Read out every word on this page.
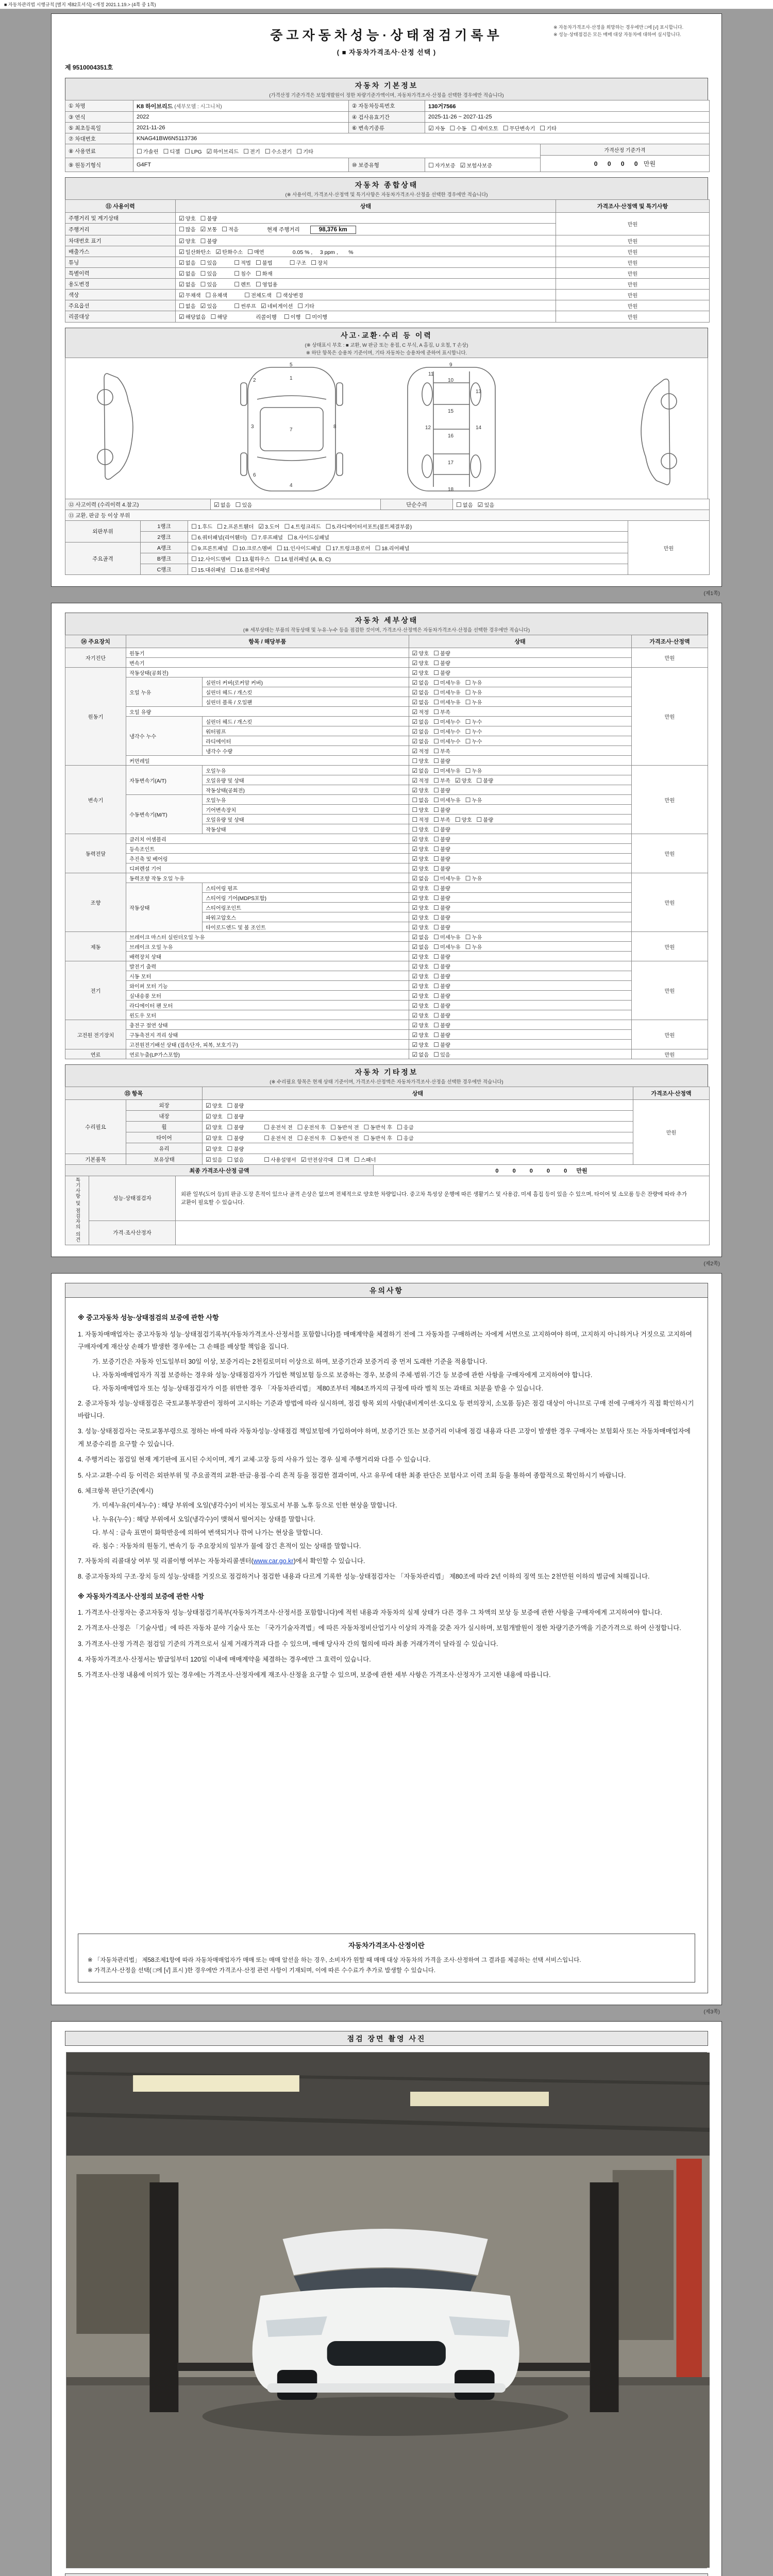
■ 자동차관리법 시행규칙 [별지 제82호서식] <개정 2021.1.19.> (4쪽 중 1쪽)
※ 자동차가격조사·산정을 희망하는 경우에만 □에 [√] 표시합니다.
※ 성능·상태점검은 모든 매매 대상 자동차에 대하여 실시합니다.
중고자동차성능·상태점검기록부
( ■ 자동차가격조사·산정 선택 )
제 9510004351호
자동차 기본정보
(가격산정 기준가격은 보험개발원이 정한 차량기준가액이며, 자동차가격조사·산정을 선택한 경우에만 적습니다)
① 차명	K8 하이브리드 (세부모델 : 시그니처)	② 자동차등록번호	130거7566	
③ 연식	2022	④ 검사유효기간	2025-11-26 ~ 2027-11-25	
⑤ 최초등록일	2021-11-26	⑥ 변속기종류	☑ 자동 ☐ 수동 ☐ 세미오토 ☐ 무단변속기 ☐ 기타	
⑦ 차대번호	KNAG41BW6N5113736			
⑧ 사용연료	☐ 가솔린 ☐ 디젤 ☐ LPG ☑ 하이브리드 ☐ 전기 ☐ 수소전기 ☐ 기타			가격산정 기준가격
0 0 0 0 만원

⑨ 원동기형식	G4FT	⑩ 보증유형	☐ 자가보증 ☑ 보험사보증	
자동차 종합상태
(※ 사용이력, 가격조사·산정액 및 특기사항은 자동차가격조사·산정을 선택한 경우에만 적습니다)
⑪ 사용이력	상태	가격조사·산정액 및 특기사항
주행거리 및 계기상태	☑ 양호 ☐ 불량	만원
주행거리	☐ 많음 ☑ 보통 ☐ 적음 현재 주행거리 98,376 km	
차대번호 표기	☑ 양호 ☐ 불량	만원
배출가스	☑ 일산화탄소 ☑ 탄화수소 ☐ 매연 0.05 % ,     3 ppm ,       %	만원
튜닝	☑ 없음 ☐ 있음 ☐ 적법 ☐ 불법 ☐ 구조 ☐ 장치	만원
특별이력	☑ 없음 ☐ 있음 ☐ 침수 ☐ 화재	만원
용도변경	☑ 없음 ☐ 있음 ☐ 렌트 ☐ 영업용	만원
색상	☑ 무채색 ☐ 유채색 ☐ 전체도색 ☐ 색상변경	만원
주요옵션	☐ 없음 ☑ 있음 ☐ 썬루프 ☑ 네비게이션 ☐ 기타	만원
리콜대상	☑ 해당없음 ☐ 해당 리콜이행 ☐ 이행 ☐ 미이행	만원
사고·교환·수리 등 이력
(※ 상태표시 부호 : ■ 교환, W 판금 또는 용접, C 부식, A 흠집, U 요철, T 손상)
※ 하단 항목은 승용차 기준이며, 기타 자동차는 승용차에 준하여 표시합니다.
1
7
4
2
3
6
8
5	9
10
11
12
13
14
15
16
17
18
⑫ 사고이력 (수리이력 4.참고)	☑ 없음 ☐ 있음	단순수리	☐ 없음 ☑ 있음
⑬ 교환, 판금 등 이상 부위			
외판부위	1랭크	☐ 1.후드 ☐ 2.프론트휀더 ☑ 3.도어 ☐ 4.트렁크리드 ☐ 5.라디에이터서포트(볼트체결부품)	만원
	2랭크	☐ 6.쿼터패널(리어휀더) ☐ 7.루프패널 ☐ 8.사이드실패널	
주요골격	A랭크	☐ 9.프론트패널 ☐ 10.크로스멤버 ☐ 11.인사이드패널 ☐ 17.트렁크플로어 ☐ 18.리어패널	
	B랭크	☐ 12.사이드멤버 ☐ 13.휠하우스 ☐ 14.필러패널 (A, B, C)	
	C랭크	☐ 15.대쉬패널 ☐ 16.플로어패널	
(제1쪽)
자동차 세부상태
(※ 세부상태는 부품의 작동상태 및 누유·누수 등을 점검한 것이며, 가격조사·산정액은 자동차가격조사·산정을 선택한 경우에만 적습니다)
⑭ 주요장치	항목 / 해당부품		상태	가격조사·산정액
자기진단	원동기		☑ 양호 ☐ 불량	만원
	변속기		☑ 양호 ☐ 불량	
원동기	작동상태(공회전)		☑ 양호 ☐ 불량	만원
	오일 누유	실린더 커버(로커암 커버)	☑ 없음 ☐ 미세누유 ☐ 누유	
		실린더 헤드 / 개스킷	☑ 없음 ☐ 미세누유 ☐ 누유	
		실린더 블록 / 오일팬	☑ 없음 ☐ 미세누유 ☐ 누유	
	오일 유량		☑ 적정 ☐ 부족	
	냉각수 누수	실린더 헤드 / 개스킷	☑ 없음 ☐ 미세누수 ☐ 누수	
		워터펌프	☑ 없음 ☐ 미세누수 ☐ 누수	
		라디에이터	☑ 없음 ☐ 미세누수 ☐ 누수	
		냉각수 수량	☑ 적정 ☐ 부족	
	커먼레일		☐ 양호 ☐ 불량	
변속기	자동변속기(A/T)	오일누유	☑ 없음 ☐ 미세누유 ☐ 누유	만원
		오일유량 및 상태	☑ 적정 ☐ 부족 ☑ 양호 ☐ 불량	
		작동상태(공회전)	☑ 양호 ☐ 불량	
	수동변속기(M/T)	오일누유	☐ 없음 ☐ 미세누유 ☐ 누유	
		기어변속장치	☐ 양호 ☐ 불량	
		오일유량 및 상태	☐ 적정 ☐ 부족 ☐ 양호 ☐ 불량	
		작동상태	☐ 양호 ☐ 불량	
동력전달	클러치 어셈블리		☑ 양호 ☐ 불량	만원
	등속조인트		☑ 양호 ☐ 불량	
	추진축 및 베어링		☑ 양호 ☐ 불량	
	디퍼렌셜 기어		☑ 양호 ☐ 불량	
조향	동력조향 작동 오일 누유		☑ 없음 ☐ 미세누유 ☐ 누유	만원
	작동상태	스티어링 펌프	☑ 양호 ☐ 불량	
		스티어링 기어(MDPS포함)	☑ 양호 ☐ 불량	
		스티어링조인트	☑ 양호 ☐ 불량	
		파워고압호스	☑ 양호 ☐ 불량	
		타이로드엔드 및 볼 조인트	☑ 양호 ☐ 불량	
제동	브레이크 마스터 실린더오일 누유		☑ 없음 ☐ 미세누유 ☐ 누유	만원
	브레이크 오일 누유		☑ 없음 ☐ 미세누유 ☐ 누유	
	배력장치 상태		☑ 양호 ☐ 불량	
전기	발전기 출력		☑ 양호 ☐ 불량	만원
	시동 모터		☑ 양호 ☐ 불량	
	와이퍼 모터 기능		☑ 양호 ☐ 불량	
	실내송풍 모터		☑ 양호 ☐ 불량	
	라디에이터 팬 모터		☑ 양호 ☐ 불량	
	윈도우 모터		☑ 양호 ☐ 불량	
고전원 전기장치	충전구 절연 상태		☑ 양호 ☐ 불량	만원
	구동축전지 격리 상태		☑ 양호 ☐ 불량	
	고전원전기배선 상태 (접속단자, 피복, 보호기구)		☑ 양호 ☐ 불량	
연료	연료누출(LP가스포함)		☑ 없음 ☐ 있음	만원
자동차 기타정보
(※ 수리필요 항목은 현재 상태 기준이며, 가격조사·산정액은 자동차가격조사·산정을 선택한 경우에만 적습니다)
⑮ 항목		상태	가격조사·산정액
수리필요	외장	☑ 양호 ☐ 불량	만원
	내장	☑ 양호 ☐ 불량	
	휠	☑ 양호 ☐ 불량 ☐ 운전석 전 ☐ 운전석 후 ☐ 동반석 전 ☐ 동반석 후 ☐ 응급	
	타이어	☑ 양호 ☐ 불량 ☐ 운전석 전 ☐ 운전석 후 ☐ 동반석 전 ☐ 동반석 후 ☐ 응급	
	유리	☑ 양호 ☐ 불량	
기본품목	보유상태	☑ 있음 ☐ 없음 ☐ 사용설명서 ☑ 안전삼각대 ☐ 잭 ☐ 스패너	
최종 가격조사·산정 금액	0 0 0 0 0  만원
특기사항 및 점검자의 의견	성능·상태점검자	외판 일부(도어 등)의 판금·도장 흔적이 있으나 골격 손상은 없으며 전체적으로 양호한 차량입니다. 중고차 특성상 운행에 따른 생활기스 및 사용감, 미세 흠집 등이 있을 수 있으며, 타이어 및 소모품 등은 잔량에 따라 추가 교환이 필요할 수 있습니다.
	가격·조사산정자	
(제2쪽)
유의사항
※ 중고자동차 성능·상태점검의 보증에 관한 사항
1. 자동차매매업자는 중고자동차 성능·상태점검기록부(자동차가격조사·산정서를 포함합니다)를 매매계약을 체결하기 전에 그 자동차를 구매하려는 자에게 서면으로 고지하여야 하며, 고지하지 아니하거나 거짓으로 고지하여 구매자에게 재산상 손해가 발생한 경우에는 그 손해를 배상할 책임을 집니다.
가. 보증기간은 자동차 인도일부터 30일 이상, 보증거리는 2천킬로미터 이상으로 하며, 보증기간과 보증거리 중 먼저 도래한 기준을 적용합니다.
나. 자동차매매업자가 직접 보증하는 경우와 성능·상태점검자가 가입한 책임보험 등으로 보증하는 경우, 보증의 주체·범위·기간 등 보증에 관한 사항을 구매자에게 고지하여야 합니다.
다. 자동차매매업자 또는 성능·상태점검자가 이를 위반한 경우 「자동차관리법」 제80조부터 제84조까지의 규정에 따라 벌칙 또는 과태료 처분을 받을 수 있습니다.
2. 중고자동차 성능·상태점검은 국토교통부장관이 정하여 고시하는 기준과 방법에 따라 실시하며, 점검 항목 외의 사항(내비게이션·오디오 등 편의장치, 소모품 등)은 점검 대상이 아니므로 구매 전에 구매자가 직접 확인하시기 바랍니다.
3. 성능·상태점검자는 국토교통부령으로 정하는 바에 따라 자동차성능·상태점검 책임보험에 가입하여야 하며, 보증기간 또는 보증거리 이내에 점검 내용과 다른 고장이 발생한 경우 구매자는 보험회사 또는 자동차매매업자에게 보증수리를 요구할 수 있습니다.
4. 주행거리는 점검일 현재 계기판에 표시된 수치이며, 계기 교체·고장 등의 사유가 있는 경우 실제 주행거리와 다를 수 있습니다.
5. 사고·교환·수리 등 이력은 외판부위 및 주요골격의 교환·판금·용접·수리 흔적 등을 점검한 결과이며, 사고 유무에 대한 최종 판단은 보험사고 이력 조회 등을 통하여 종합적으로 확인하시기 바랍니다.
6. 체크항목 판단기준(예시)
가. 미세누유(미세누수) : 해당 부위에 오일(냉각수)이 비치는 정도로서 부품 노후 등으로 인한 현상을 말합니다.
나. 누유(누수) : 해당 부위에서 오일(냉각수)이 맺혀서 떨어지는 상태를 말합니다.
다. 부식 : 금속 표면이 화학반응에 의하여 변색되거나 깎여 나가는 현상을 말합니다.
라. 침수 : 자동차의 원동기, 변속기 등 주요장치의 일부가 물에 잠긴 흔적이 있는 상태를 말합니다.
7. 자동차의 리콜대상 여부 및 리콜이행 여부는 자동차리콜센터(www.car.go.kr)에서 확인할 수 있습니다.
8. 중고자동차의 구조·장치 등의 성능·상태를 거짓으로 점검하거나 점검한 내용과 다르게 기록한 성능·상태점검자는 「자동차관리법」 제80조에 따라 2년 이하의 징역 또는 2천만원 이하의 벌금에 처해집니다.
※ 자동차가격조사·산정의 보증에 관한 사항
1. 가격조사·산정자는 중고자동차 성능·상태점검기록부(자동차가격조사·산정서를 포함합니다)에 적힌 내용과 자동차의 실제 상태가 다른 경우 그 차액의 보상 등 보증에 관한 사항을 구매자에게 고지하여야 합니다.
2. 가격조사·산정은 「기술사법」에 따른 자동차 분야 기술사 또는 「국가기술자격법」에 따른 자동차정비산업기사 이상의 자격을 갖춘 자가 실시하며, 보험개발원이 정한 차량기준가액을 기준가격으로 하여 산정합니다.
3. 가격조사·산정 가격은 점검일 기준의 가격으로서 실제 거래가격과 다를 수 있으며, 매매 당사자 간의 협의에 따라 최종 거래가격이 달라질 수 있습니다.
4. 자동차가격조사·산정서는 발급일부터 120일 이내에 매매계약을 체결하는 경우에만 그 효력이 있습니다.
5. 가격조사·산정 내용에 이의가 있는 경우에는 가격조사·산정자에게 재조사·산정을 요구할 수 있으며, 보증에 관한 세부 사항은 가격조사·산정자가 고지한 내용에 따릅니다.
자동차가격조사·산정이란
※ 「자동차관리법」 제58조제1항에 따라 자동차매매업자가 매매 또는 매매 알선을 하는 경우, 소비자가 원할 때 매매 대상 자동차의 가격을 조사·산정하여 그 결과를 제공하는 선택 서비스입니다.
※ 가격조사·산정을 선택( □에 [√] 표시 )한 경우에만 가격조사·산정 관련 사항이 기재되며, 이에 따른 수수료가 추가로 발생할 수 있습니다.
(제3쪽)
점검 장면 촬영 사진
